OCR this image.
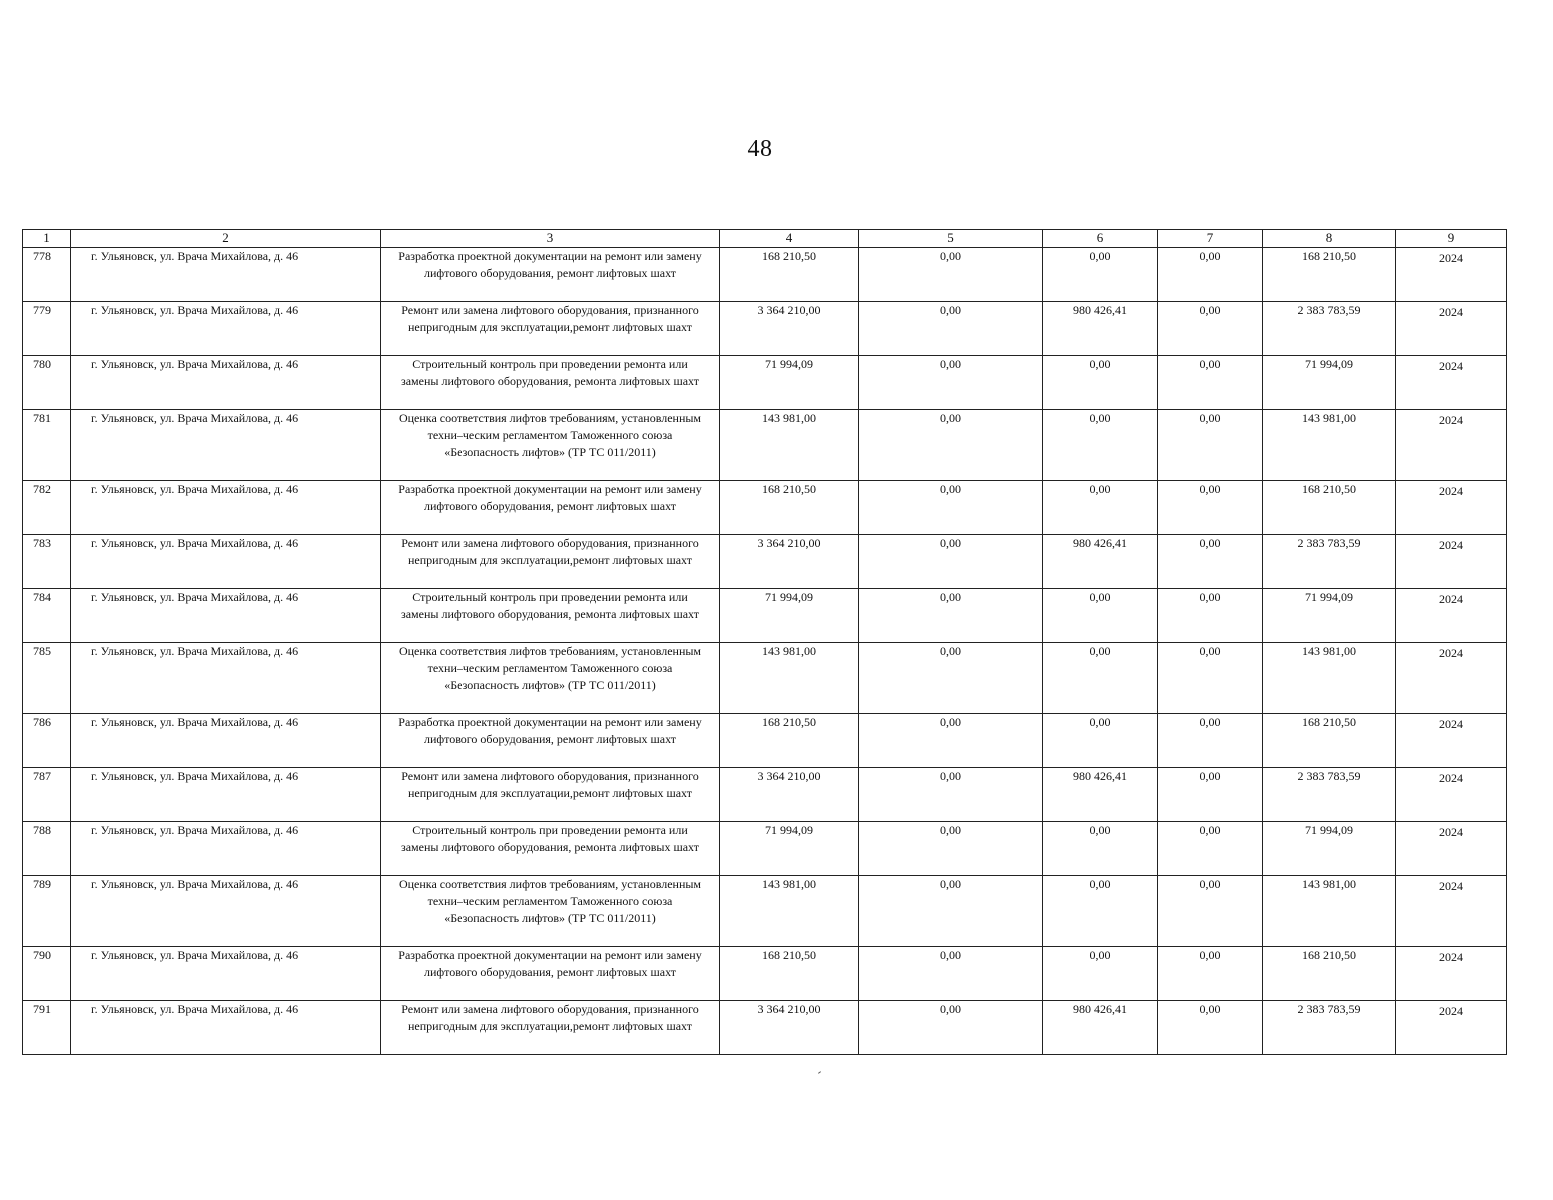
48
1	2	3	4	5	6	7	8	9
778	г. Ульяновск, ул. Врача Михайлова, д. 46	Разработка проектной документации на ремонт или замену лифтового оборудования, ремонт лифтовых шахт	168 210,50	0,00	0,00	0,00	168 210,50	2024
779	г. Ульяновск, ул. Врача Михайлова, д. 46	Ремонт или замена лифтового оборудования, признанного непригодным для эксплуатации,ремонт лифтовых шахт	3 364 210,00	0,00	980 426,41	0,00	2 383 783,59	2024
780	г. Ульяновск, ул. Врача Михайлова, д. 46	Строительный контроль при проведении ремонта или замены лифтового оборудования, ремонта лифтовых шахт	71 994,09	0,00	0,00	0,00	71 994,09	2024
781	г. Ульяновск, ул. Врача Михайлова, д. 46	Оценка соответствия лифтов требованиям, установленным техни–ческим регламентом Таможенного союза «Безопасность лифтов» (ТР ТС 011/2011)	143 981,00	0,00	0,00	0,00	143 981,00	2024
782	г. Ульяновск, ул. Врача Михайлова, д. 46	Разработка проектной документации на ремонт или замену лифтового оборудования, ремонт лифтовых шахт	168 210,50	0,00	0,00	0,00	168 210,50	2024
783	г. Ульяновск, ул. Врача Михайлова, д. 46	Ремонт или замена лифтового оборудования, признанного непригодным для эксплуатации,ремонт лифтовых шахт	3 364 210,00	0,00	980 426,41	0,00	2 383 783,59	2024
784	г. Ульяновск, ул. Врача Михайлова, д. 46	Строительный контроль при проведении ремонта или замены лифтового оборудования, ремонта лифтовых шахт	71 994,09	0,00	0,00	0,00	71 994,09	2024
785	г. Ульяновск, ул. Врача Михайлова, д. 46	Оценка соответствия лифтов требованиям, установленным техни–ческим регламентом Таможенного союза «Безопасность лифтов» (ТР ТС 011/2011)	143 981,00	0,00	0,00	0,00	143 981,00	2024
786	г. Ульяновск, ул. Врача Михайлова, д. 46	Разработка проектной документации на ремонт или замену лифтового оборудования, ремонт лифтовых шахт	168 210,50	0,00	0,00	0,00	168 210,50	2024
787	г. Ульяновск, ул. Врача Михайлова, д. 46	Ремонт или замена лифтового оборудования, признанного непригодным для эксплуатации,ремонт лифтовых шахт	3 364 210,00	0,00	980 426,41	0,00	2 383 783,59	2024
788	г. Ульяновск, ул. Врача Михайлова, д. 46	Строительный контроль при проведении ремонта или замены лифтового оборудования, ремонта лифтовых шахт	71 994,09	0,00	0,00	0,00	71 994,09	2024
789	г. Ульяновск, ул. Врача Михайлова, д. 46	Оценка соответствия лифтов требованиям, установленным техни–ческим регламентом Таможенного союза «Безопасность лифтов» (ТР ТС 011/2011)	143 981,00	0,00	0,00	0,00	143 981,00	2024
790	г. Ульяновск, ул. Врача Михайлова, д. 46	Разработка проектной документации на ремонт или замену лифтового оборудования, ремонт лифтовых шахт	168 210,50	0,00	0,00	0,00	168 210,50	2024
791	г. Ульяновск, ул. Врача Михайлова, д. 46	Ремонт или замена лифтового оборудования, признанного непригодным для эксплуатации,ремонт лифтовых шахт	3 364 210,00	0,00	980 426,41	0,00	2 383 783,59	2024
